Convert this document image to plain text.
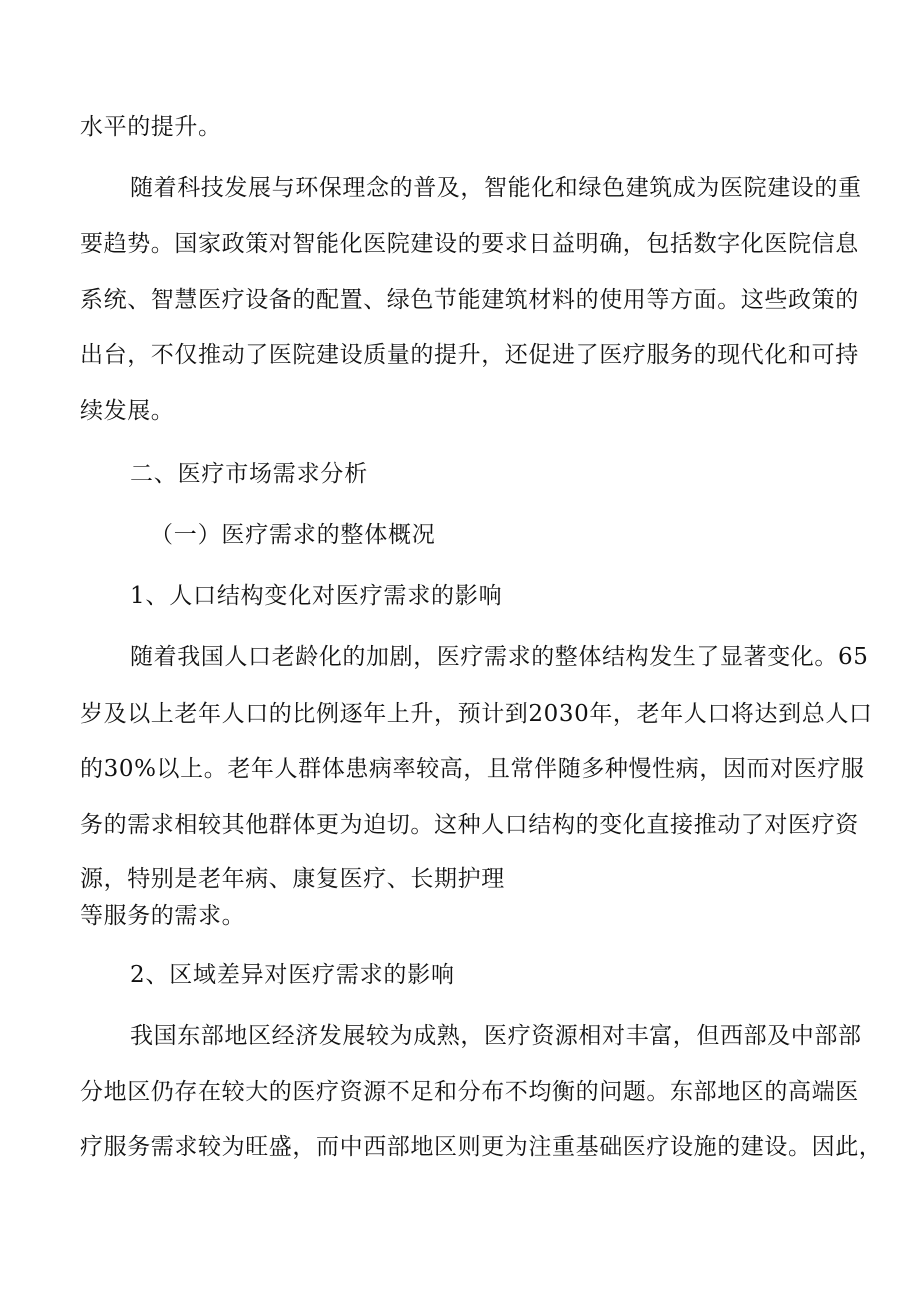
水平的提升。
随着科技发展与环保理念的普及，智能化和绿色建筑成为医院建设的重
要趋势。国家政策对智能化医院建设的要求日益明确，包括数字化医院信息
系统、智慧医疗设备的配置、绿色节能建筑材料的使用等方面。这些政策的
出台，不仅推动了医院建设质量的提升，还促进了医疗服务的现代化和可持
续发展。
二、医疗市场需求分析
（一）医疗需求的整体概况
1、人口结构变化对医疗需求的影响
随着我国人口老龄化的加剧，医疗需求的整体结构发生了显著变化。65
岁及以上老年人口的比例逐年上升，预计到2030年，老年人口将达到总人口
的30%以上。老年人群体患病率较高，且常伴随多种慢性病，因而对医疗服
务的需求相较其他群体更为迫切。这种人口结构的变化直接推动了对医疗资
源，特别是老年病、康复医疗、长期护理
等服务的需求。
2、区域差异对医疗需求的影响
我国东部地区经济发展较为成熟，医疗资源相对丰富，但西部及中部部
分地区仍存在较大的医疗资源不足和分布不均衡的问题。东部地区的高端医
疗服务需求较为旺盛，而中西部地区则更为注重基础医疗设施的建设。因此，
